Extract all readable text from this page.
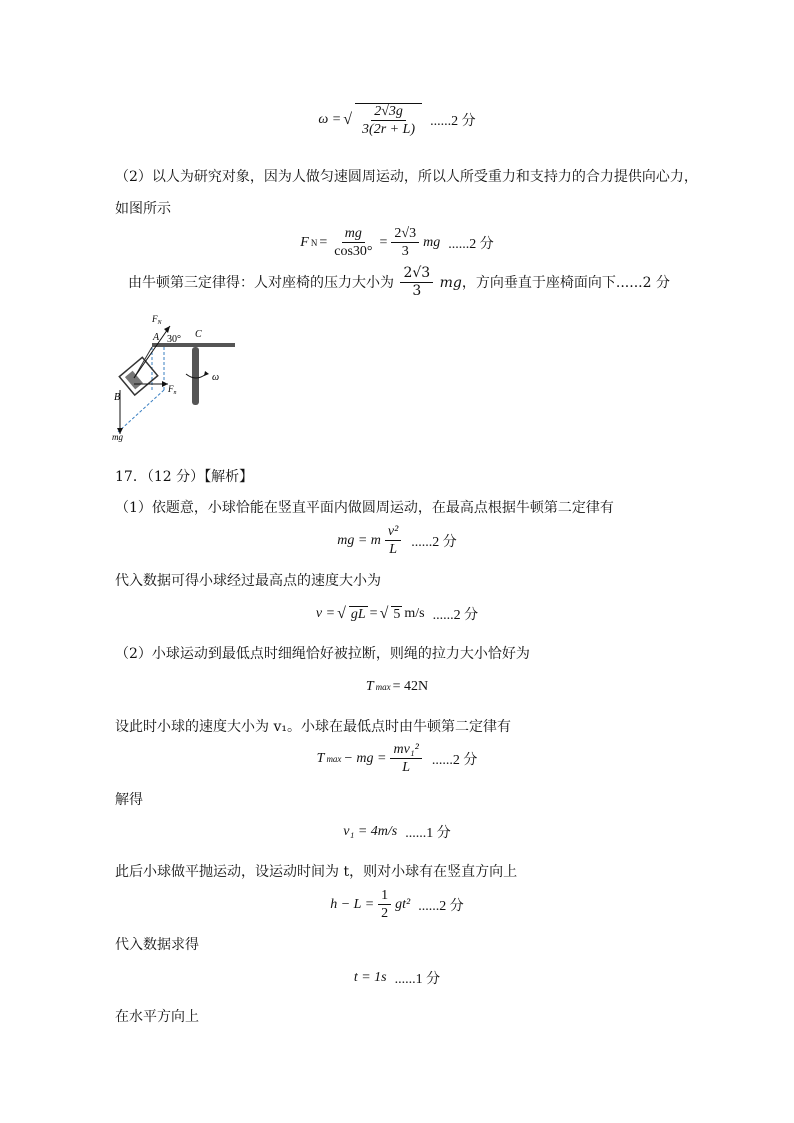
ω = √ $\frac{2√3g}{3(2r + L)} ......2$ 分
（2）以人为研究对象，因为人做匀速圆周运动，所以人所受重力和支持力的合力提供向心力，
如图所示
F $N = \frac{mg}{\cos 30^\circ} = \frac{2√3}{3}$ mg ......2 分
由牛顿第三定律得：人对座椅的压力大小为 $\frac{2√3}{3}$ mg，方向垂直于座椅面向下......2 分
$F_N$
A	C
30°
ω
B
$F_n$
mg
17．（12 分）【解析】
（1）依题意，小球恰能在竖直平面内做圆周运动，在最高点根据牛顿第二定律有
mg = m $\frac{\text{v²}}{L} ......2$ 分
代入数据可得小球经过最高点的速度大小为
v = √ gL = √ 5 m/s ......2 分
（2）小球运动到最低点时细绳恰好被拉断，则绳的拉力大小恰好为
T max = 42N
设此时小球的速度大小为 v₁。小球在最低点时由牛顿第二定律有
T max − mg = $\frac{\text{mv₁²}}{L} ......2$ 分
解得
v₁ = 4m/s ......1 分
此后小球做平抛运动，设运动时间为 t，则对小球有在竖直方向上
$h - L = \frac{1}{2} gt^2$ ......2 分
代入数据求得
t = 1s ......1 分
在水平方向上
